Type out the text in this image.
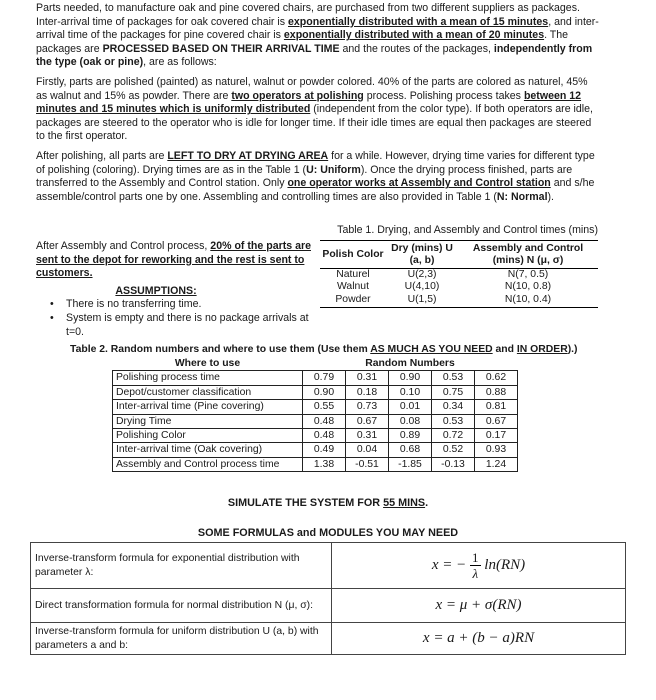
Parts needed, to manufacture oak and pine covered chairs, are purchased from two different suppliers as packages. Inter-arrival time of packages for oak covered chair is exponentially distributed with a mean of 15 minutes, and inter-arrival time of the packages for pine covered chair is exponentially distributed with a mean of 20 minutes. The packages are PROCESSED BASED ON THEIR ARRIVAL TIME and the routes of the packages, independently from the type (oak or pine), are as follows:

Firstly, parts are polished (painted) as naturel, walnut or powder colored. 40% of the parts are colored as naturel, 45% as walnut and 15% as powder. There are two operators at polishing process. Polishing process takes between 12 minutes and 15 minutes which is uniformly distributed (independent from the color type). If both operators are idle, packages are steered to the operator who is idle for longer time. If their idle times are equal then packages are steered to the first operator.

After polishing, all parts are LEFT TO DRY AT DRYING AREA for a while. However, drying time varies for different type of polishing (coloring). Drying times are as in the Table 1 (U: Uniform). Once the drying process finished, parts are transferred to the Assembly and Control station. Only one operator works at Assembly and Control station and s/he assemble/control parts one by one. Assembling and controlling times are also provided in Table 1 (N: Normal).

After Assembly and Control process, 20% of the parts are sent to the depot for reworking and the rest is sent to customers.

ASSUMPTIONS:

• There is no transferring time.
• System is empty and there is no package arrivals at t=0.
Table 1. Drying, and Assembly and Control times (mins)
Polish Color	Dry (mins) U (a, b)	Assembly and Control (mins) N (μ, σ)
Naturel	U(2,3)	N(7, 0.5)
Walnut	U(4,10)	N(10, 0.8)
Powder	U(1,5)	N(10, 0.4)
Table 2. Random numbers and where to use them (Use them AS MUCH AS YOU NEED and IN ORDER).)
Where to use	Random Numbers				
Polishing process time	0.79	0.31	0.90	0.53	0.62
Depot/customer classification	0.90	0.18	0.10	0.75	0.88
Inter-arrival time (Pine covering)	0.55	0.73	0.01	0.34	0.81
Drying Time	0.48	0.67	0.08	0.53	0.67
Polishing Color	0.48	0.31	0.89	0.72	0.17
Inter-arrival time (Oak covering)	0.49	0.04	0.68	0.52	0.93
Assembly and Control process time	1.38	-0.51	-1.85	-0.13	1.24
SIMULATE THE SYSTEM FOR 55 MINS.
SOME FORMULAS and MODULES YOU MAY NEED
Inverse-transform formula for exponential distribution with parameter λ:	x = − $\frac{1}{\lambda} \ln(RN)$
Direct transformation formula for normal distribution N (μ, σ):	x = μ + σ(RN)
Inverse-transform formula for uniform distribution U (a, b) with parameters a and b:	x = a + (b − a)RN
